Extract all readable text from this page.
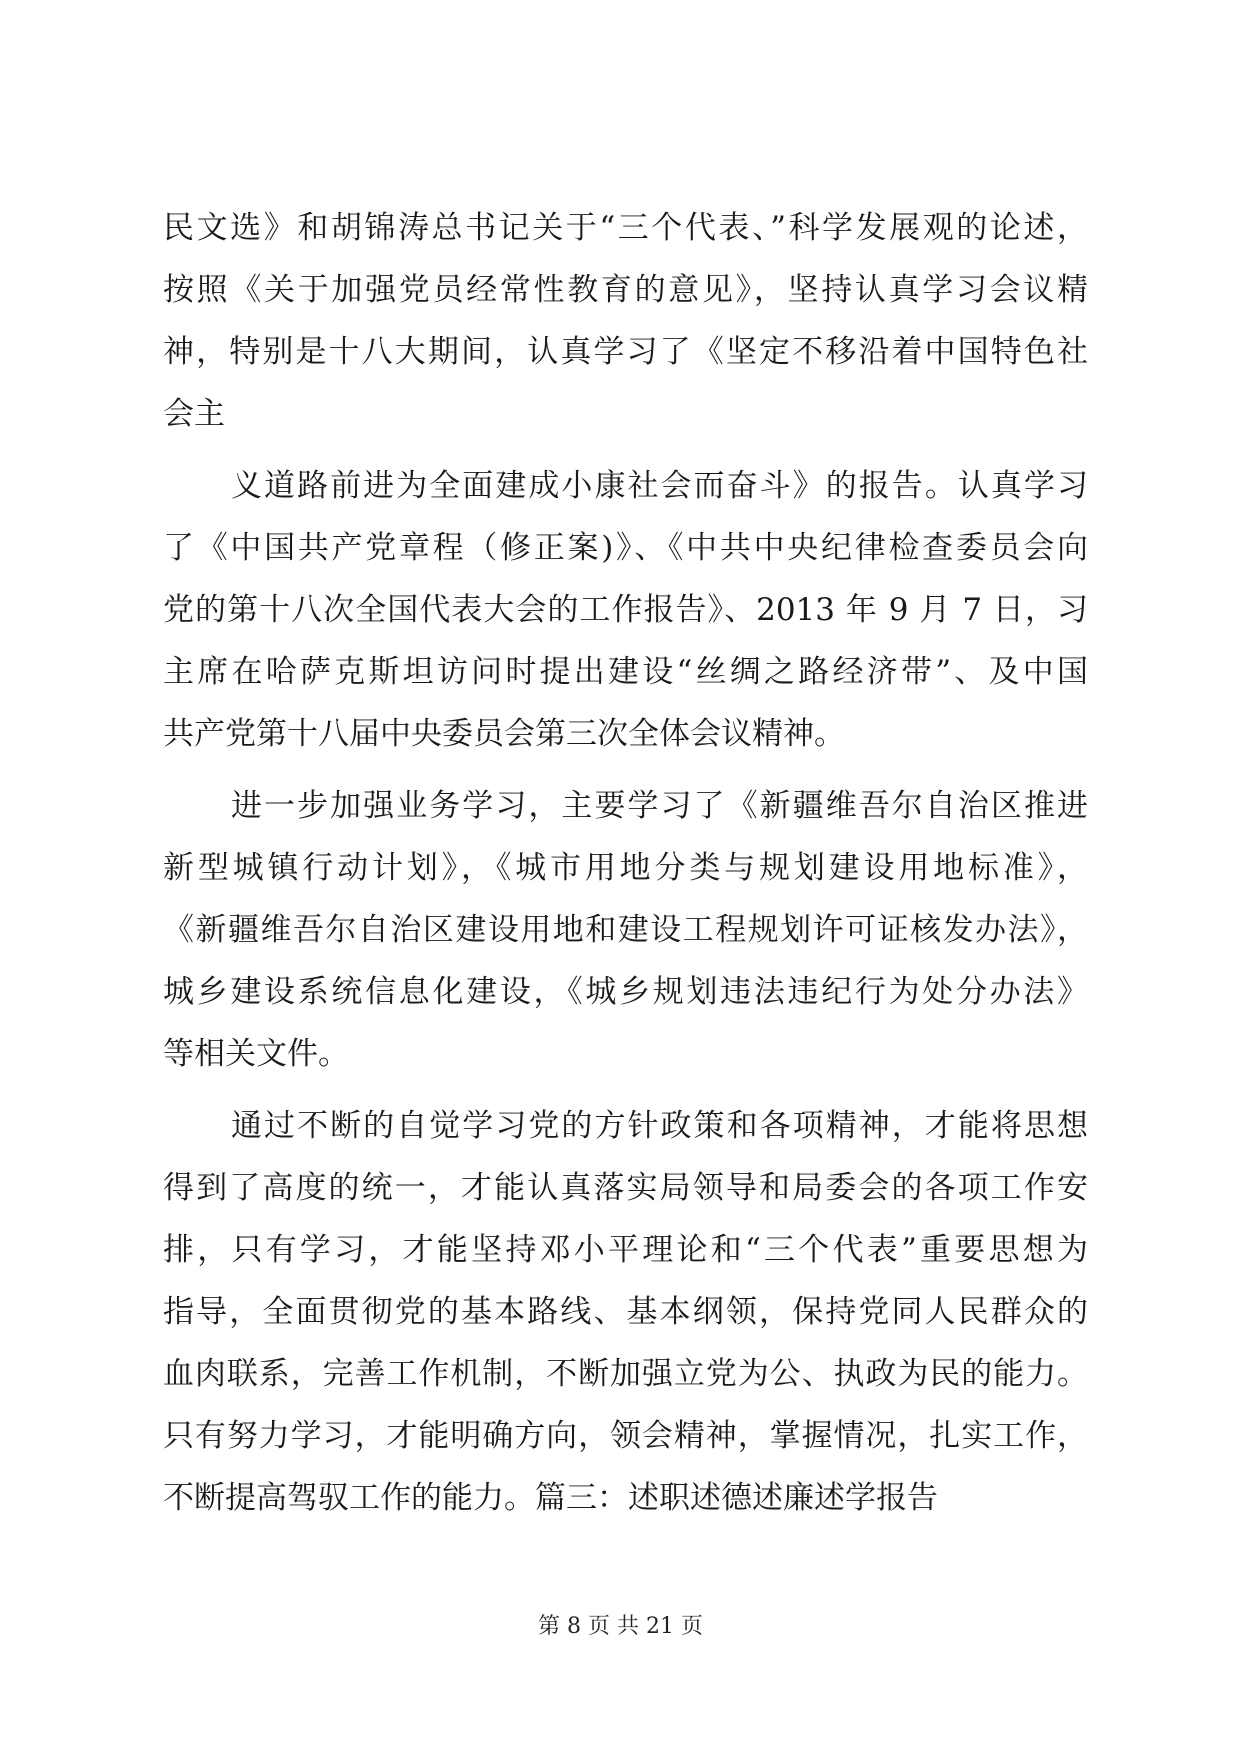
民文选》和胡锦涛总书记关于“三个代表、”科学发展观的论述，
按照《关于加强党员经常性教育的意见》，坚持认真学习会议精
神，特别是十八大期间，认真学习了《坚定不移沿着中国特色社
会主
义道路前进为全面建成小康社会而奋斗》的报告。认真学习
了《中国共产党章程（修正案)》、《中共中央纪律检查委员会向
党的第十八次全国代表大会的工作报告》、2013 年 9 月 7 日，习
主席在哈萨克斯坦访问时提出建设“丝绸之路经济带”、及中国
共产党第十八届中央委员会第三次全体会议精神。
进一步加强业务学习，主要学习了《新疆维吾尔自治区推进
新型城镇行动计划》，《城市用地分类与规划建设用地标准》，
《新疆维吾尔自治区建设用地和建设工程规划许可证核发办法》，
城乡建设系统信息化建设，《城乡规划违法违纪行为处分办法》
等相关文件。
通过不断的自觉学习党的方针政策和各项精神，才能将思想
得到了高度的统一，才能认真落实局领导和局委会的各项工作安
排，只有学习，才能坚持邓小平理论和“三个代表”重要思想为
指导，全面贯彻党的基本路线、基本纲领，保持党同人民群众的
血肉联系，完善工作机制，不断加强立党为公、执政为民的能力。
只有努力学习，才能明确方向，领会精神，掌握情况，扎实工作，
不断提高驾驭工作的能力。篇三：述职述德述廉述学报告
第 8 页 共 21 页
